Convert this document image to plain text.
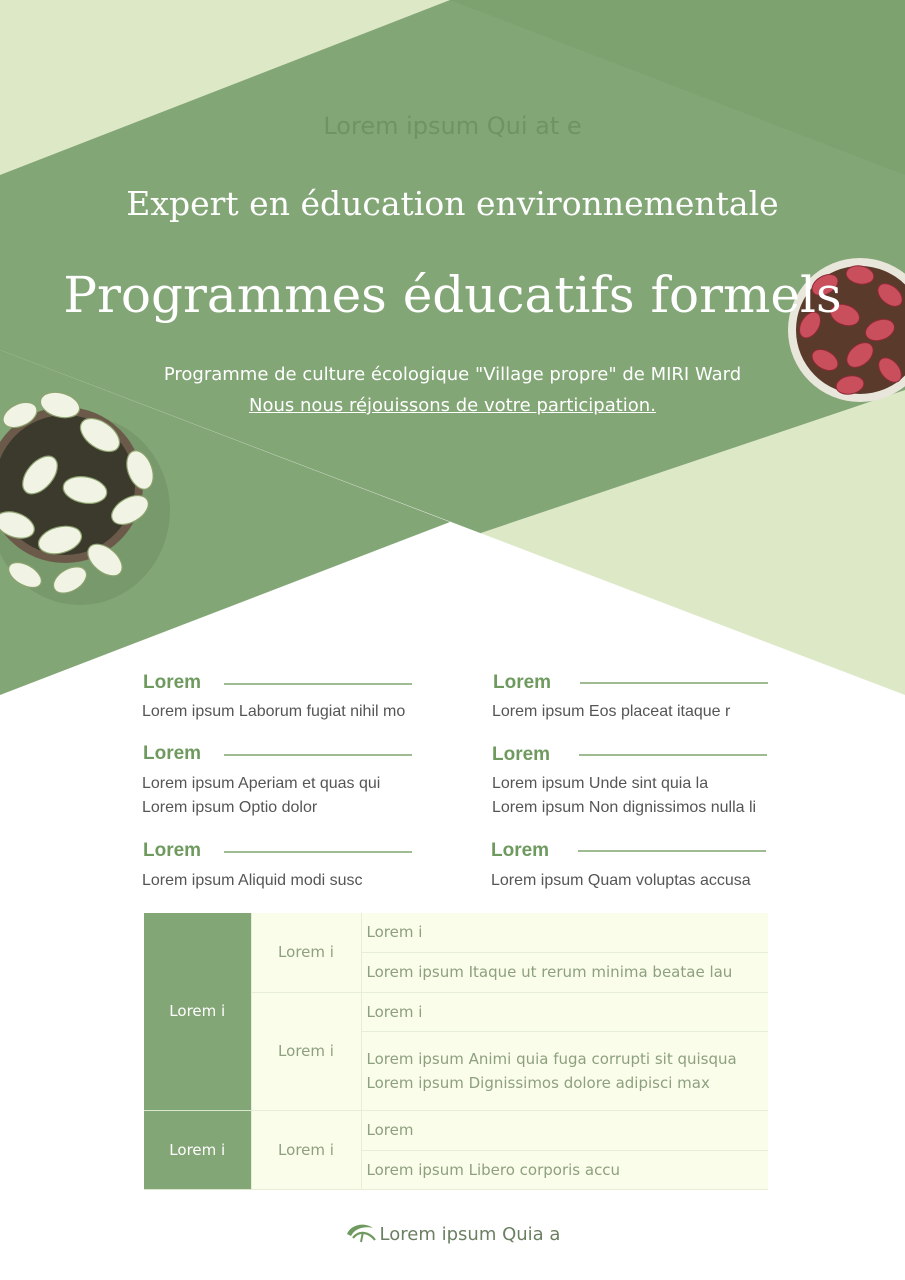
Lorem ipsum Qui at e
Expert en éducation environnementale
Programmes éducatifs formels
Programme de culture écologique "Village propre" de MIRI Ward
Nous nous réjouissons de votre participation.
Lorem
Lorem ipsum Laborum fugiat nihil mo
Lorem
Lorem ipsum Eos placeat itaque r
Lorem
Lorem ipsum Aperiam et quas qui
Lorem ipsum Optio dolor
Lorem
Lorem ipsum Unde sint quia la
Lorem ipsum Non dignissimos nulla li
Lorem
Lorem ipsum Aliquid modi susc
Lorem
Lorem ipsum Quam voluptas accusa
Lorem i	Lorem i	Lorem i
		Lorem ipsum Itaque ut rerum minima beatae lau
	Lorem i	Lorem i

		Lorem ipsum Animi quia fuga corrupti sit quisqua
Lorem ipsum Dignissimos dolore adipisci max

Lorem i	Lorem i	Lorem
		Lorem ipsum Libero corporis accu
Lorem ipsum Quia a
